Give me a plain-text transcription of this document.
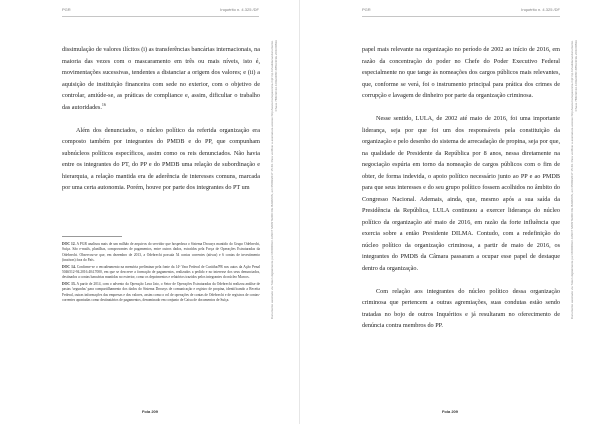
PGR	Inquérito n. 4.325 /DF

dissimulação de valores ilícitos (i) as transferências bancárias internacionais, na maioria das vezes com o mascaramento em três ou mais níveis, isto é, movimentações sucessivas, tendentes a distanciar a origem dos valores; e (ii) a aquisição de instituição financeira com sede no exterior, com o objetivo de controlar, amiúde-se, as práticas de compliance e, assim, dificultar o trabalho das autoridades.$^{16}$

Além dos denunciados, o núcleo político da referida organização era composto também por integrantes do PMDB e do PP, que compunham subnúcleos políticos específicos, assim como os reis denunciados. Não havia entre os integrantes do PT, do PP e do PMDB uma relação de subordinação e hierarquia, a relação mantida era de aderência de interesses comuns, marcada por uma certa autonomia. Porém, houve por parte dos integrantes do PT um

DOC 12. A PGR analisou mais de um milhão de arquivos do servidor que hospedava o Sistema Drousys mantido do Grupo Odebrecht, Suíça. São e-mails, planilhas, comprovantes de pagamentos, entre outros dados, extraídos pela Força de Operações Estruturadas da Odebrecht. Observou-se que, em dezembro de 2013, a Odebrecht possuía 54 contas correntes (ativas) e 6 contas de investimento (inativas) fora do País.
DOC 14. Confirme-se o encadeamento na memória preliminar pela fonte da 14ª Vara Federal de Curitiba/PR nos autos da Ação Penal 5046512-94.2016.404.7000, em que se descreve a formação de pagamentos, realizados a pedido e no interesse dos seus denunciados, destinados a contas bancárias mantidas no exterior, como os depoimentos e relatórios trazidos pelos integrantes do núcleo Marcos.
DOC 13. A partir de 2014, com o advento da Operação Lava Jato, o Setor de Operações Estruturadas da Odebrecht realizou análise de pastas 'segundas' para compartilhamento dos dados do Sistema Drousys de comunicação e registro de propina, identificando a Receita Federal, outras informações das empresas e dos valores, assim como o rol de operações de contas de Odebrecht e de registros de contas-correntes apontadas como destinatários de pagamentos, denominado em conjunto de Caixa de documentos de Suíça.	Documento assinado via Token digitalmente por RODRIGO JANOT MONTEIRO DE BARROS, em 05/09/2017 15:49. Para verificar a assinatura acesse http://www.transparencia.mpf.mp.br/validacaodocumento. Chave 7B4D3C2A.1F0E9D8C.6B5A4F3E.2D1C0B9A
Fola 209
PGR	Inquérito n. 4.325 /DF

papel mais relevante na organização no período de 2002 ao início de 2016, em razão da concentração do poder no Chefe do Poder Executivo Federal especialmente no que tange às nomeações dos cargos públicos mais relevantes, que, conforme se verá, foi o instrumento principal para prática dos crimes de corrupção e lavagem de dinheiro por parte da organização criminosa.

Nesse sentido, LULA, de 2002 até maio de 2016, foi uma importante liderança, seja por que foi um dos responsáveis pela constituição da organização e pelo desenho do sistema de arrecadação de propina, seja por que, na qualidade de Presidente da República por 8 anos, nessa diretamente na negociação espúria em torno da nomeação de cargos públicos com o fim de obter, de forma indevida, o apoio político necessário junto ao PP e ao PMDB para que seus interesses e do seu grupo político fossem acolhidos no âmbito do Congresso Nacional. Ademais, ainda, que, mesmo após a sua saída da Presidência da República, LULA continuou a exercer liderança do núcleo político da organização até maio de 2016, em razão da forte influência que exercia sobre a então Presidente DILMA. Contudo, com a redefinição do núcleo político da organização criminosa, a partir de maio de 2016, os integrantes do PMDB da Câmara passaram a ocupar esse papel de destaque dentro da organização.

Com relação aos integrantes do núcleo político dessa organização criminosa que pertencem a outras agremiações, suas condutas estão sendo tratadas no bojo de outros Inquéritos e já resultaram no oferecimento de denúncia contra membros do PP.

Documento assinado via Token digitalmente por RODRIGO JANOT MONTEIRO DE BARROS, em 05/09/2017 15:49. Para verificar a assinatura acesse http://www.transparencia.mpf.mp.br/validacaodocumento. Chave 7B4D3C2A.1F0E9D8C.6B5A4F3E.2D1C0B9A
Fola 209
